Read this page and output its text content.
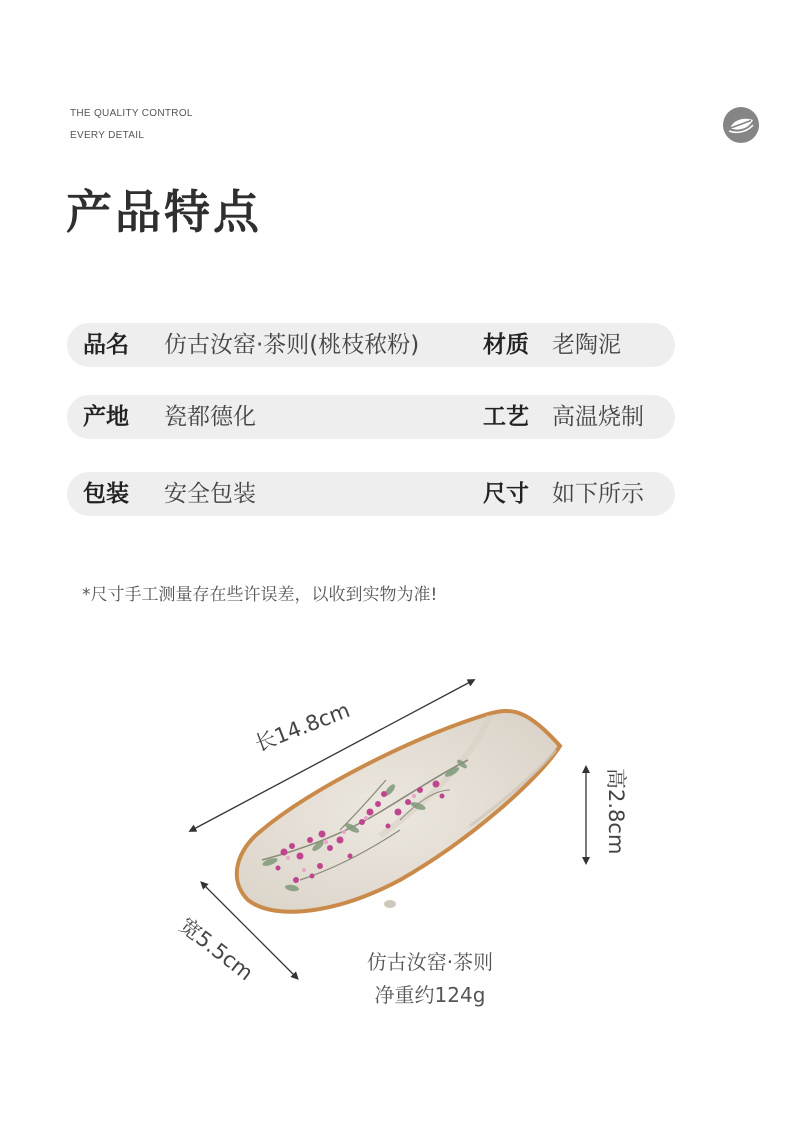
THE QUALITY CONTROL
EVERY DETAIL
产品特点
品名 仿古汝窑·茶则(桃枝秾粉)	材质 老陶泥
产地 瓷都德化	工艺 高温烧制
包装 安全包装	尺寸 如下所示
*尺寸手工测量存在些许误差，以收到实物为准!
长14.8cm
宽5.5cm
高2.8cm
仿古汝窑·茶则
净重约124g
